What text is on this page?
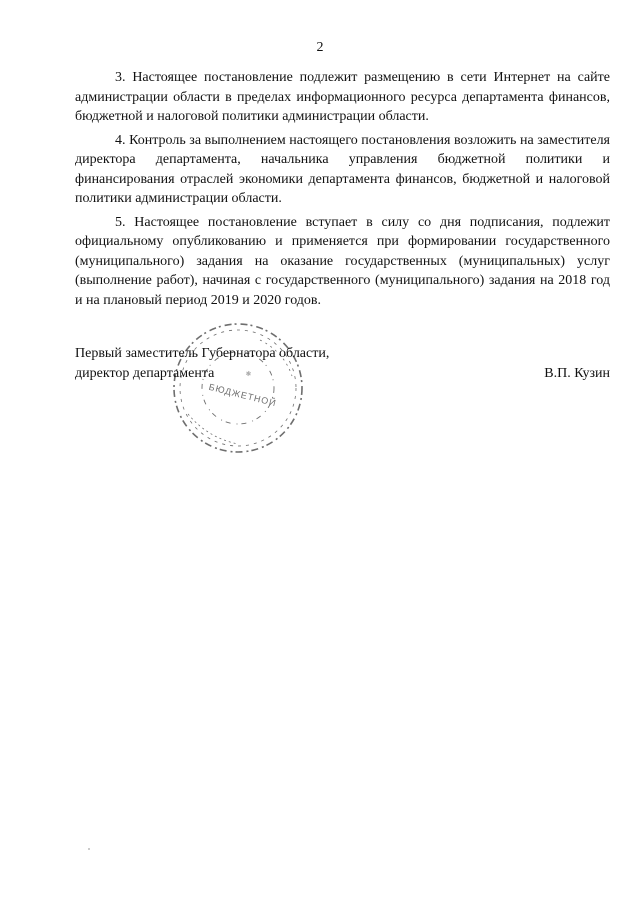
2

3. Настоящее постановление подлежит размещению в сети Интернет на сайте администрации области в пределах информационного ресурса департамента финансов, бюджетной и налоговой политики администрации области.

4. Контроль за выполнением настоящего постановления возложить на заместителя директора департамента, начальника управления бюджетной политики и финансирования отраслей экономики департамента финансов, бюджетной и налоговой политики администрации области.

5. Настоящее постановление вступает в силу со дня подписания, подлежит официальному опубликованию и применяется при формировании государственного (муниципального) задания на оказание государственных (муниципальных) услуг (выполнение работ), начиная с государственного (муниципального) задания на 2018 год и на плановый период 2019 и 2020 годов.

БЮДЖЕТНОЙ
✱
Первый заместитель Губернатора области,
директор департамента	В.П. Кузин
